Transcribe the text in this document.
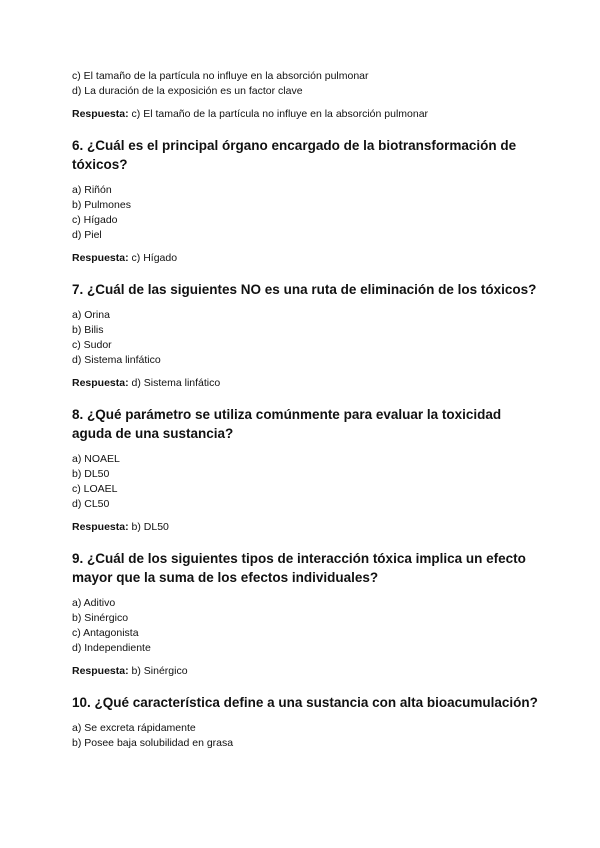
c) El tamaño de la partícula no influye en la absorción pulmonar
d) La duración de la exposición es un factor clave
Respuesta: c) El tamaño de la partícula no influye en la absorción pulmonar
6. ¿Cuál es el principal órgano encargado de la biotransformación de tóxicos?
a) Riñón
b) Pulmones
c) Hígado
d) Piel
Respuesta: c) Hígado
7. ¿Cuál de las siguientes NO es una ruta de eliminación de los tóxicos?
a) Orina
b) Bilis
c) Sudor
d) Sistema linfático
Respuesta: d) Sistema linfático
8. ¿Qué parámetro se utiliza comúnmente para evaluar la toxicidad aguda de una sustancia?
a) NOAEL
b) DL50
c) LOAEL
d) CL50
Respuesta: b) DL50
9. ¿Cuál de los siguientes tipos de interacción tóxica implica un efecto mayor que la suma de los efectos individuales?
a) Aditivo
b) Sinérgico
c) Antagonista
d) Independiente
Respuesta: b) Sinérgico
10. ¿Qué característica define a una sustancia con alta bioacumulación?
a) Se excreta rápidamente
b) Posee baja solubilidad en grasa
